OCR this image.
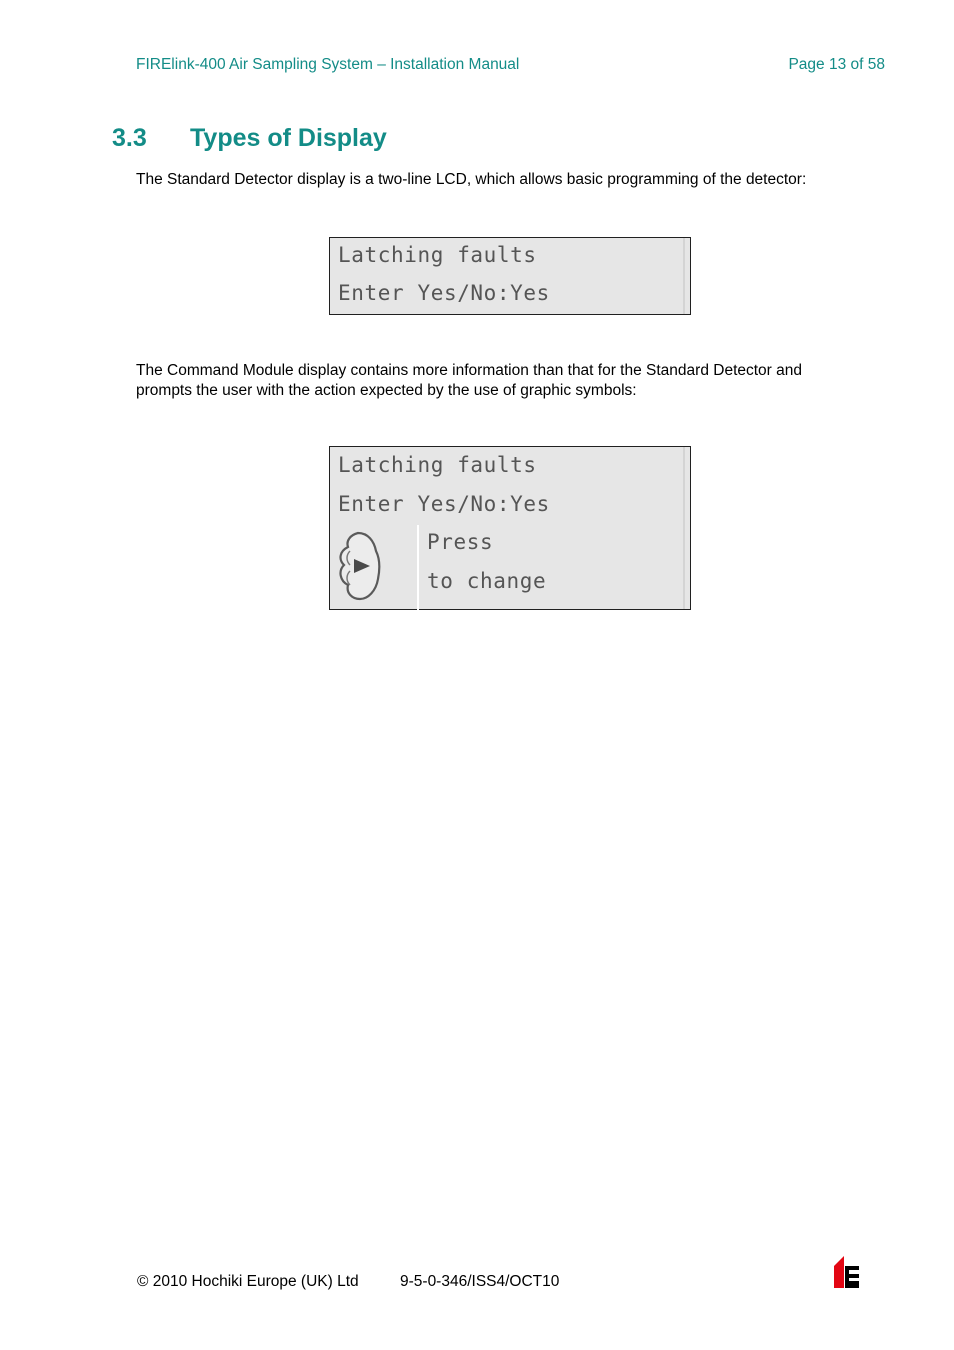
FIRElink-400 Air Sampling System – Installation Manual	Page 13 of 58
3.3 Types of Display
The Standard Detector display is a two-line LCD, which allows basic programming of the detector:
Latching faults
Enter Yes/No:Yes
The Command Module display contains more information than that for the Standard Detector and prompts the user with the action expected by the use of graphic symbols:
Latching faults
Enter Yes/No:Yes
Press
to change
© 2010 Hochiki Europe (UK) Ltd	9-5-0-346/ISS4/OCT10
